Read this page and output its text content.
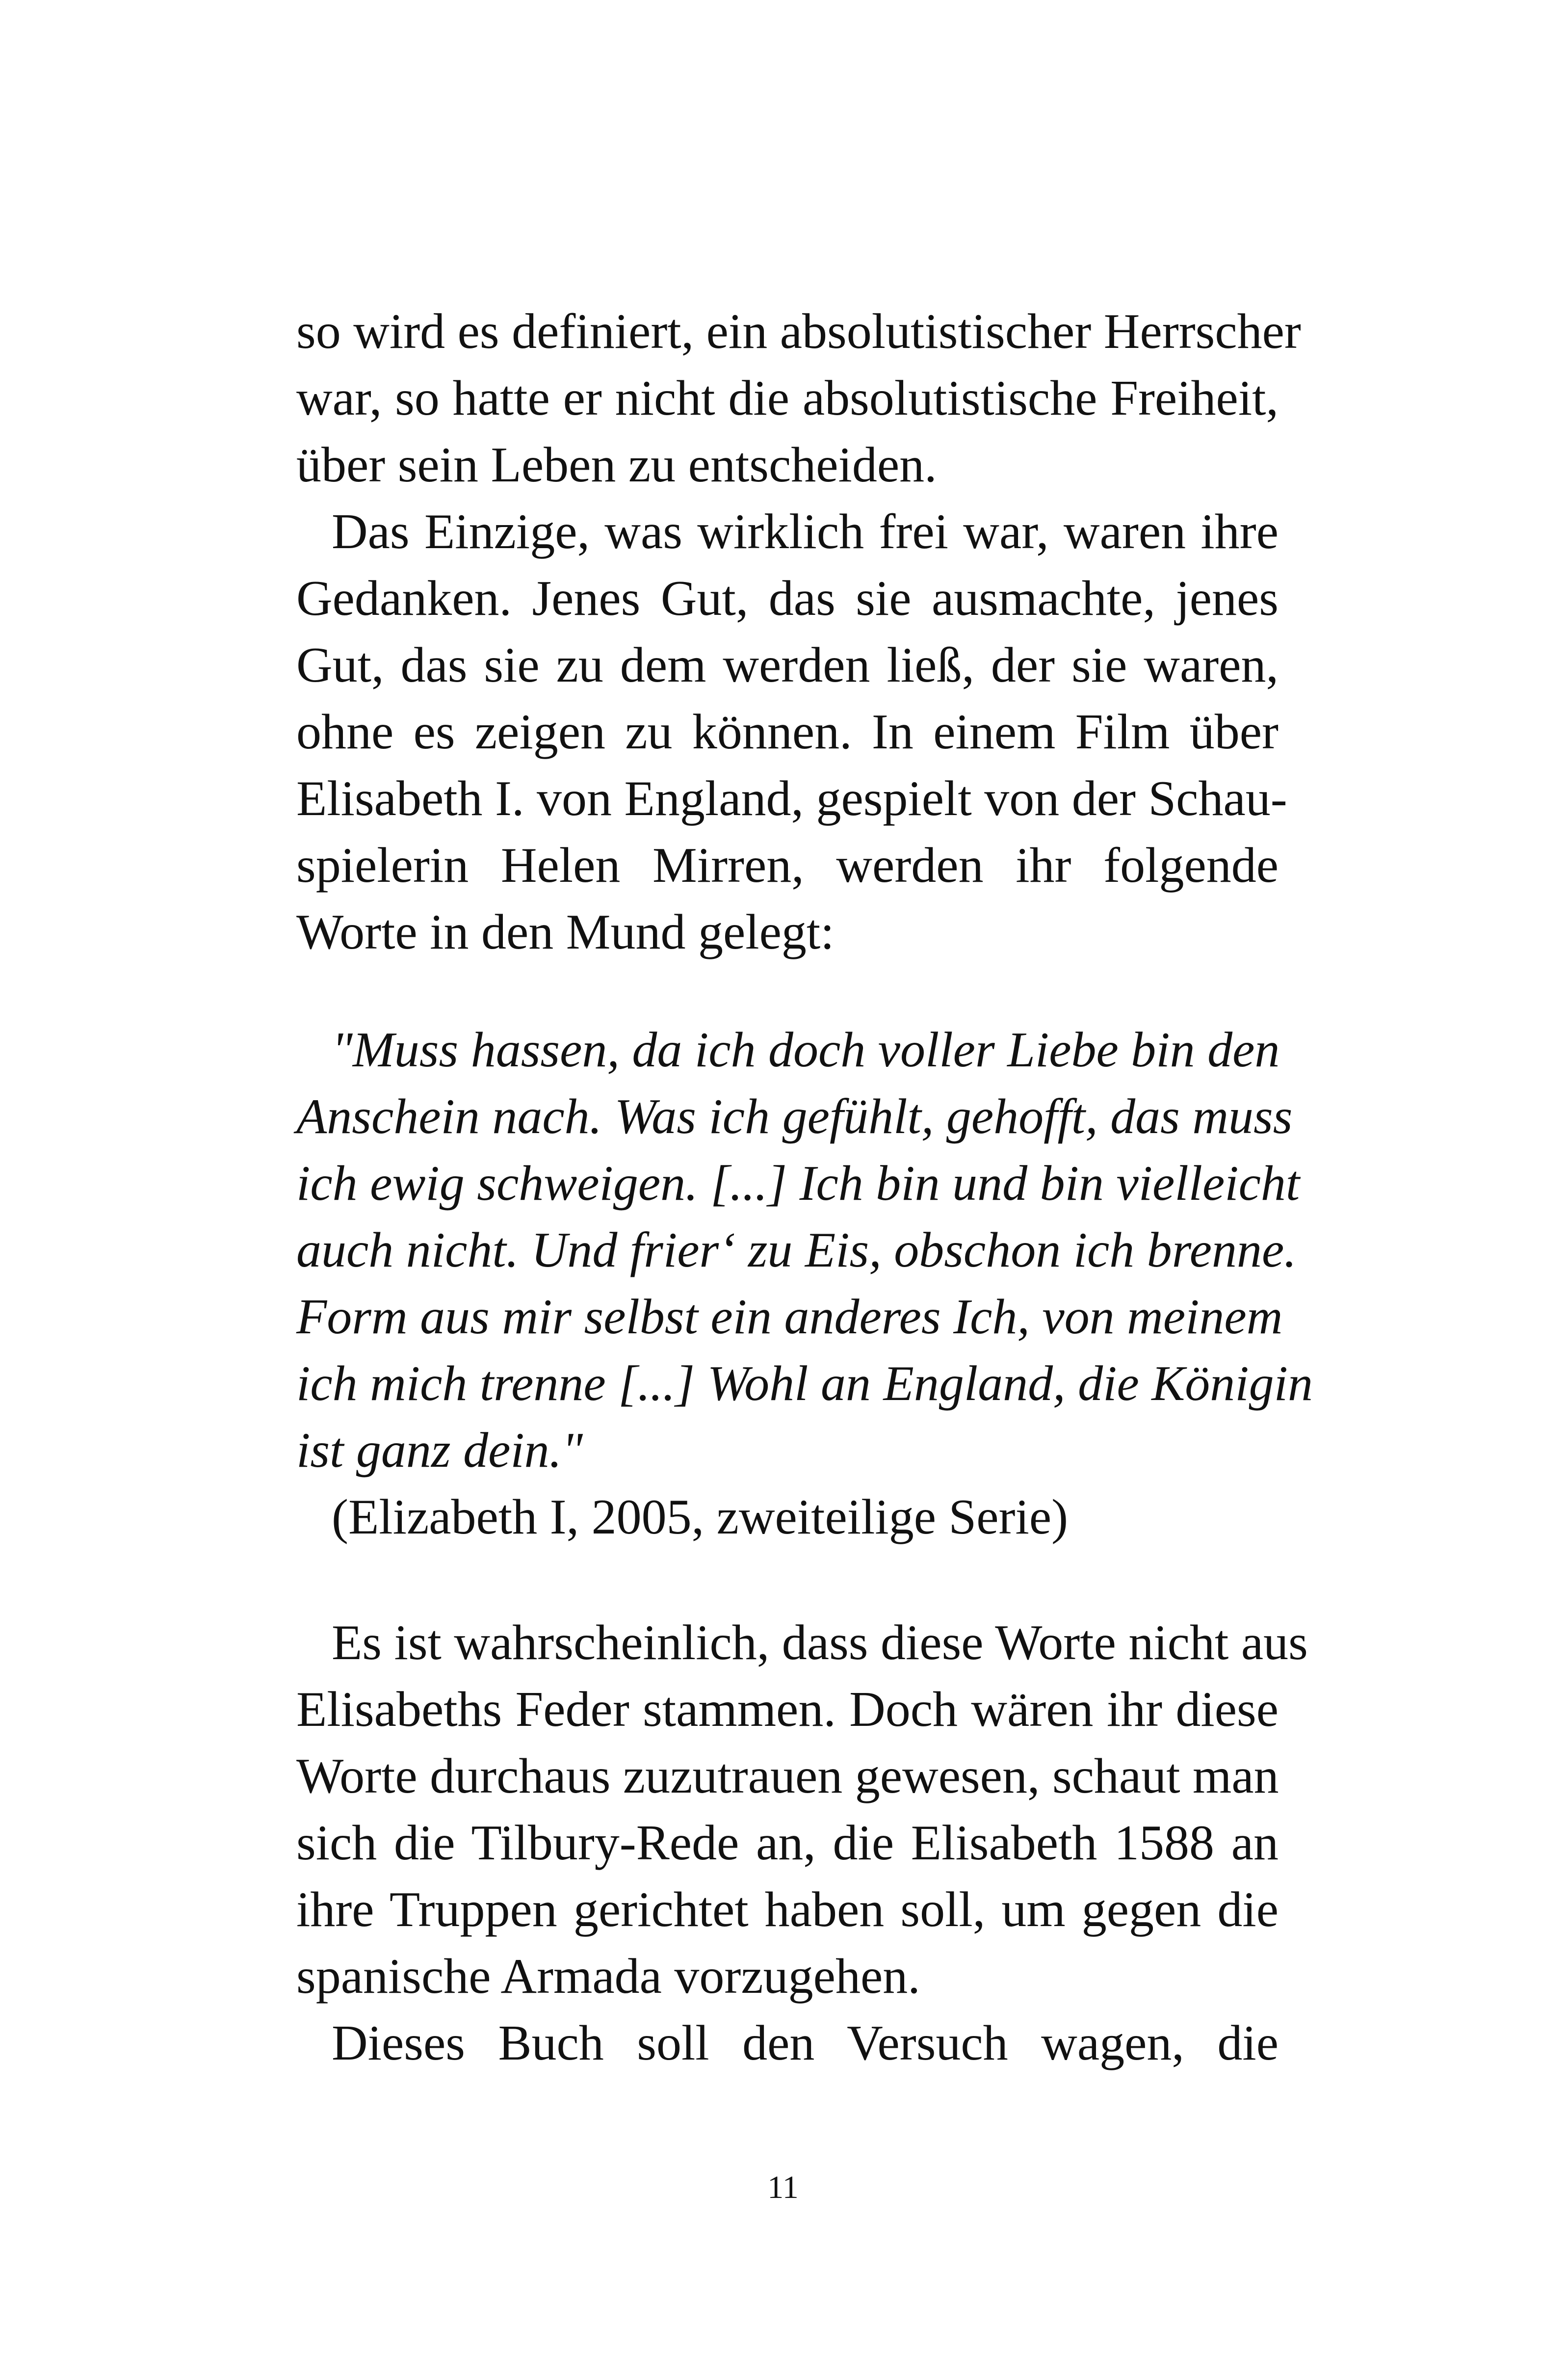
so wird es definiert, ein absolutistischer Herrscher
war, so hatte er nicht die absolutistische Freiheit,
über sein Leben zu entscheiden.
Das Einzige, was wirklich frei war, waren ihre
Gedanken. Jenes Gut, das sie ausmachte, jenes
Gut, das sie zu dem werden ließ, der sie waren,
ohne es zeigen zu können. In einem Film über
Elisabeth I. von England, gespielt von der Schau-
spielerin Helen Mirren, werden ihr folgende
Worte in den Mund gelegt:
"Muss hassen, da ich doch voller Liebe bin den
Anschein nach. Was ich gefühlt, gehofft, das muss
ich ewig schweigen. [...] Ich bin und bin vielleicht
auch nicht. Und frier‘ zu Eis, obschon ich brenne.
Form aus mir selbst ein anderes Ich, von meinem
ich mich trenne [...] Wohl an England, die Königin
ist ganz dein."
(Elizabeth I, 2005, zweiteilige Serie)
Es ist wahrscheinlich, dass diese Worte nicht aus
Elisabeths Feder stammen. Doch wären ihr diese
Worte durchaus zuzutrauen gewesen, schaut man
sich die Tilbury-Rede an, die Elisabeth 1588 an
ihre Truppen gerichtet haben soll, um gegen die
spanische Armada vorzugehen.
Dieses Buch soll den Versuch wagen, die
11
